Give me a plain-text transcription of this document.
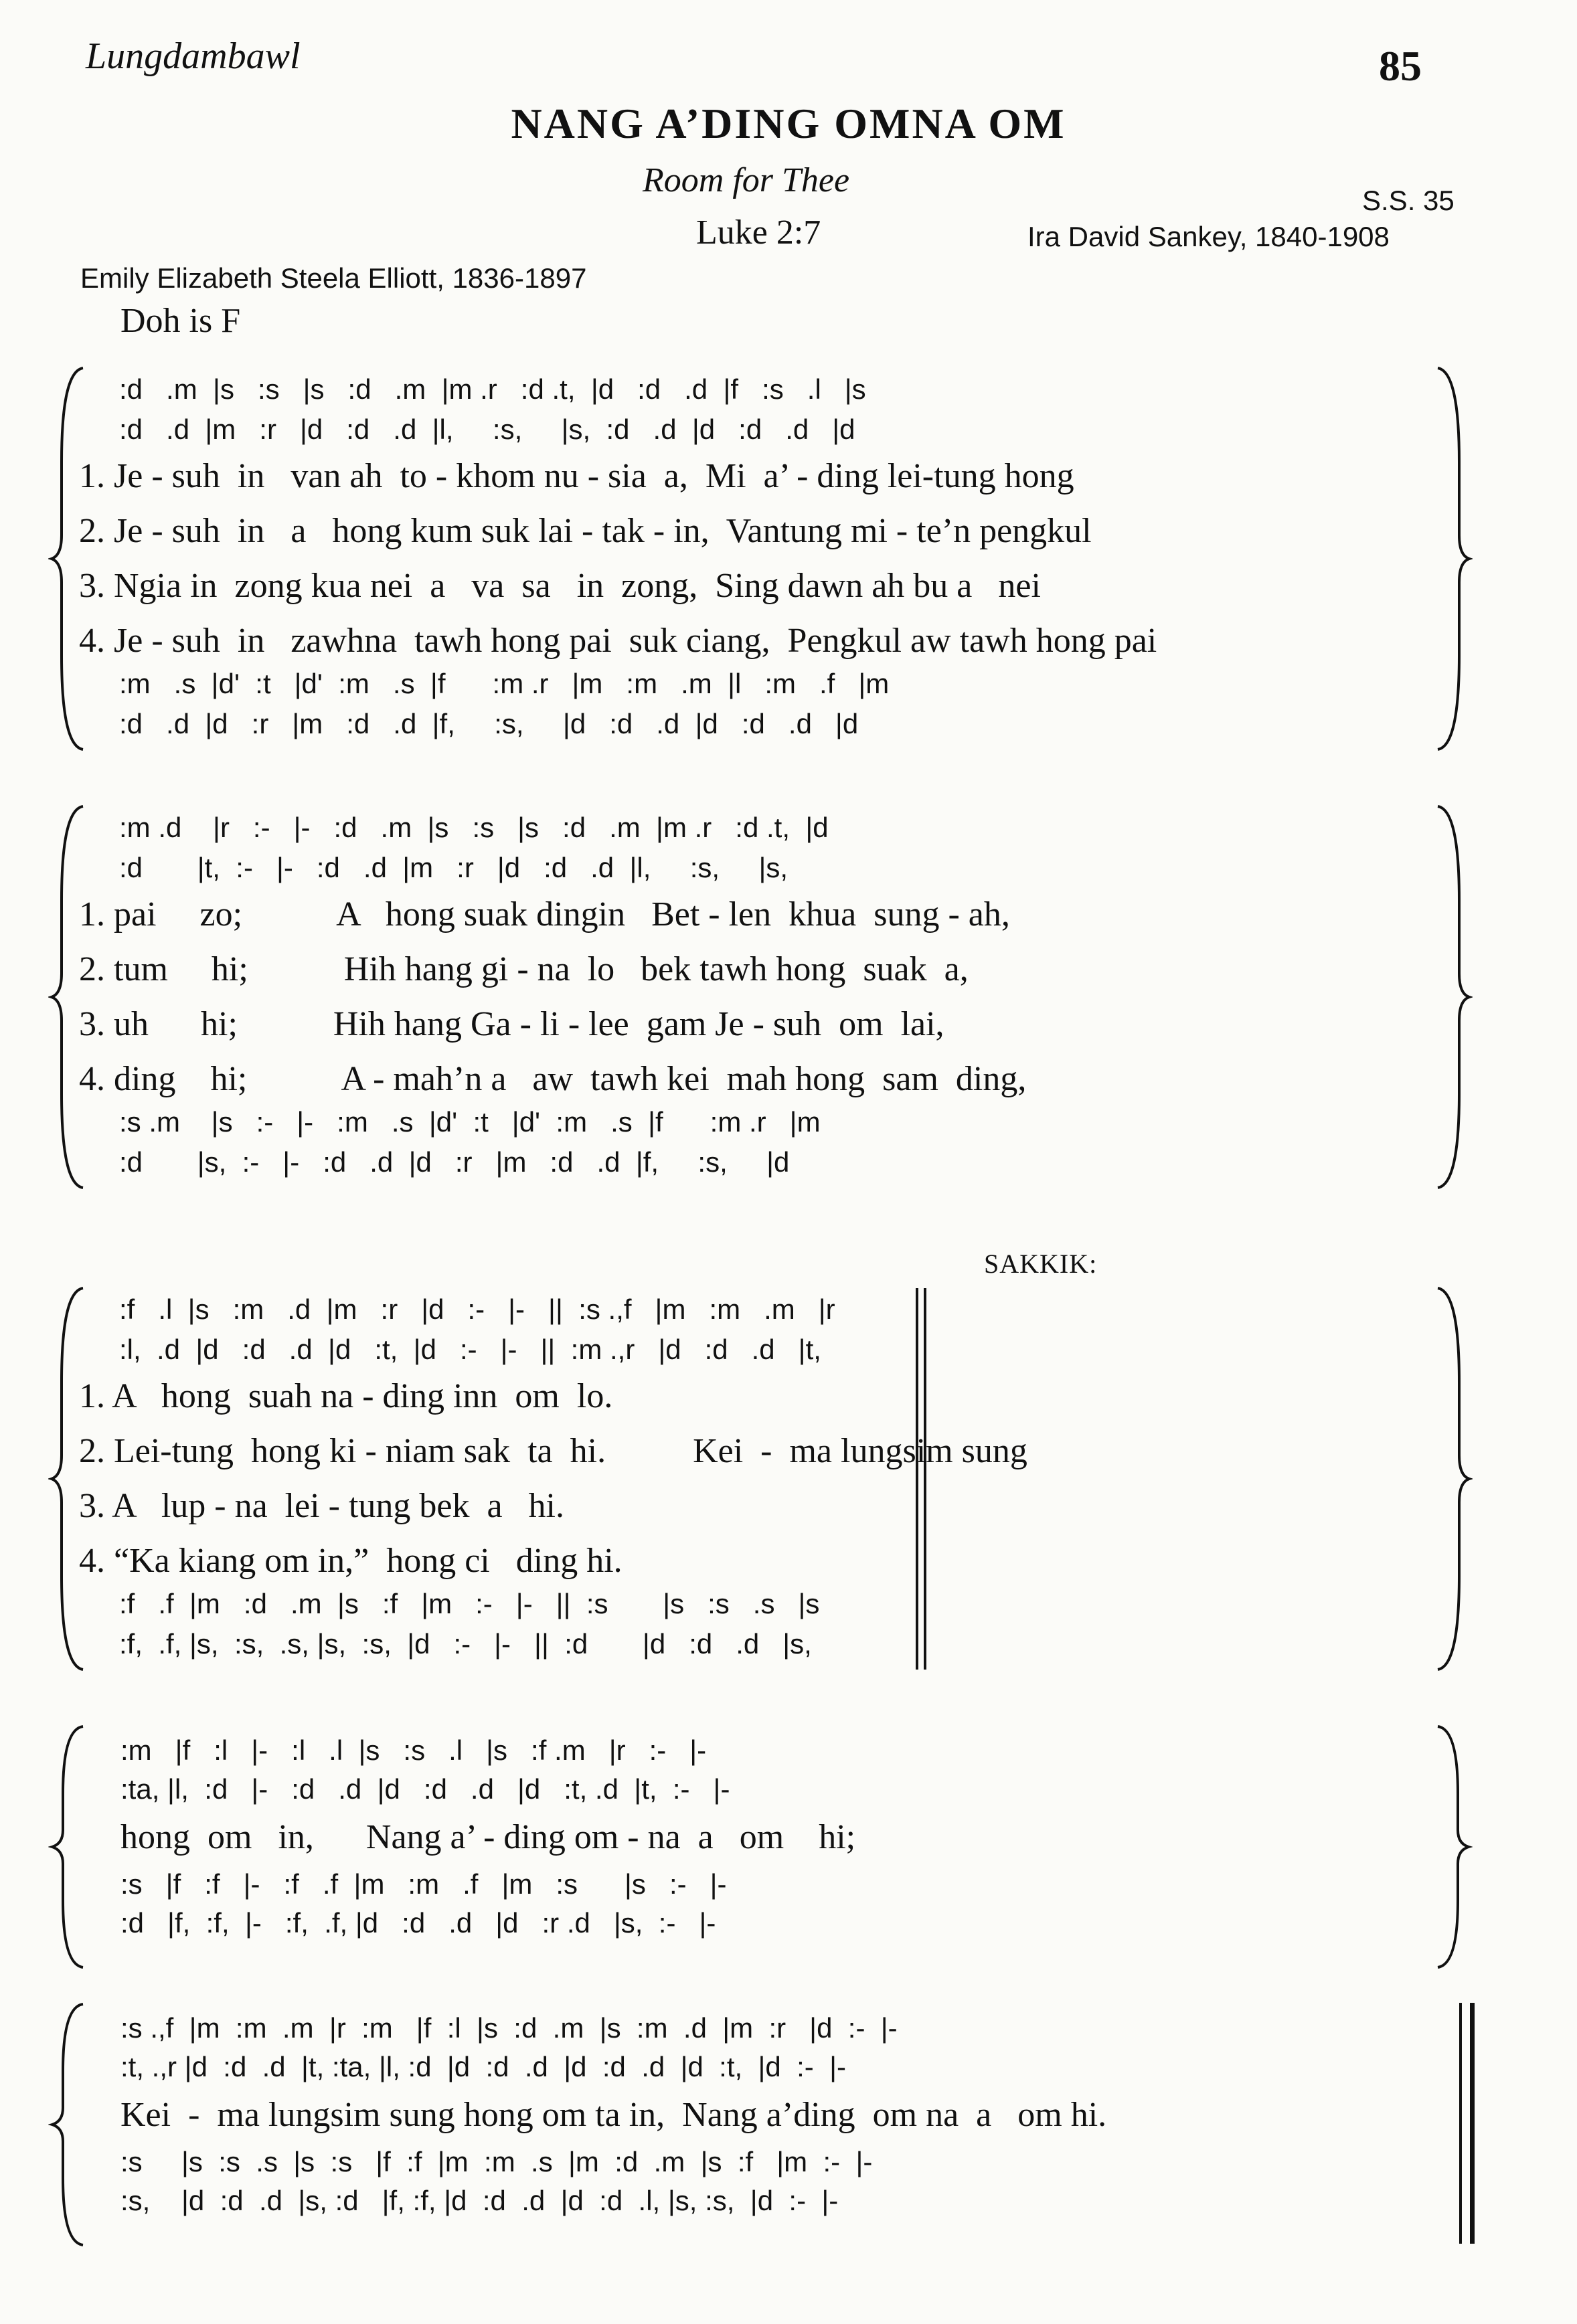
Lungdambawl	85
NANG A’DING OMNA OM
Room for Thee
Luke 2:7
S.S. 35
Ira David Sankey, 1840-1908
Emily Elizabeth Steela Elliott, 1836-1897
Doh is F
SAKKIK:
:d   .m  |s   :s   |s   :d   .m  |m .r   :d .t,  |d   :d   .d  |f   :s   .l   |s
:d   .d  |m   :r   |d   :d   .d  |l,     :s,     |s,  :d   .d  |d   :d   .d   |d
1. Je - suh  in   van ah  to - khom nu - sia  a,  Mi  a’ - ding lei-tung hong
2. Je - suh  in   a   hong kum suk lai - tak - in,  Vantung mi - te’n pengkul
3. Ngia in  zong kua nei  a   va  sa   in  zong,  Sing dawn ah bu a   nei
4. Je - suh  in   zawhna  tawh hong pai  suk ciang,  Pengkul aw tawh hong pai
:m   .s  |d'  :t   |d'  :m   .s  |f      :m .r   |m   :m   .m  |l   :m   .f   |m
:d   .d  |d   :r   |m   :d   .d  |f,     :s,     |d   :d   .d  |d   :d   .d   |d
:m .d    |r   :-   |-   :d   .m  |s   :s   |s   :d   .m  |m .r   :d .t,  |d
:d       |t,  :-   |-   :d   .d  |m   :r   |d   :d   .d  |l,     :s,     |s,
1. pai     zo;           A   hong suak dingin   Bet - len  khua  sung - ah,
2. tum     hi;           Hih hang gi - na  lo   bek tawh hong  suak  a,
3. uh      hi;           Hih hang Ga - li - lee  gam Je - suh  om  lai,
4. ding    hi;           A - mah’n a   aw  tawh kei  mah hong  sam  ding,
:s .m    |s   :-   |-   :m   .s  |d'  :t   |d'  :m   .s  |f      :m .r   |m
:d       |s,  :-   |-   :d   .d  |d   :r   |m   :d   .d  |f,     :s,     |d
:f   .l  |s   :m   .d  |m   :r   |d   :-   |-   ||  :s .,f   |m   :m   .m   |r
:l,  .d  |d   :d   .d  |d   :t,  |d   :-   |-   ||  :m .,r   |d   :d   .d   |t,
1. A   hong  suah na - ding inn  om  lo.
2. Lei-tung  hong ki - niam sak  ta  hi.          Kei  -  ma lungsim sung
3. A   lup - na  lei - tung bek  a   hi.
4. “Ka kiang om in,”  hong ci   ding hi.
:f   .f  |m   :d   .m  |s   :f   |m   :-   |-   ||  :s       |s   :s   .s   |s
:f,  .f, |s,  :s,  .s, |s,  :s,  |d   :-   |-   ||  :d       |d   :d   .d   |s,
:m   |f   :l   |-   :l   .l  |s   :s   .l   |s   :f .m   |r   :-   |-
:ta, |l,  :d   |-   :d   .d  |d   :d   .d   |d   :t, .d  |t,  :-   |-
hong  om   in,      Nang a’ - ding om - na  a   om    hi;
:s   |f   :f   |-   :f   .f  |m   :m   .f   |m   :s      |s   :-   |-
:d   |f,  :f,  |-   :f,  .f, |d   :d   .d   |d   :r .d   |s,  :-   |-
:s .,f  |m  :m  .m  |r  :m   |f  :l  |s  :d  .m  |s  :m  .d  |m  :r   |d  :-  |-
:t, .,r |d  :d  .d  |t, :ta, |l, :d  |d  :d  .d  |d  :d  .d  |d  :t,  |d  :-  |-
Kei  -  ma lungsim sung hong om ta in,  Nang a’ding  om na  a   om hi.
:s     |s  :s  .s  |s  :s   |f  :f  |m  :m  .s  |m  :d  .m  |s  :f   |m  :-  |-
:s,    |d  :d  .d  |s, :d   |f, :f, |d  :d  .d  |d  :d  .l, |s, :s,  |d  :-  |-
